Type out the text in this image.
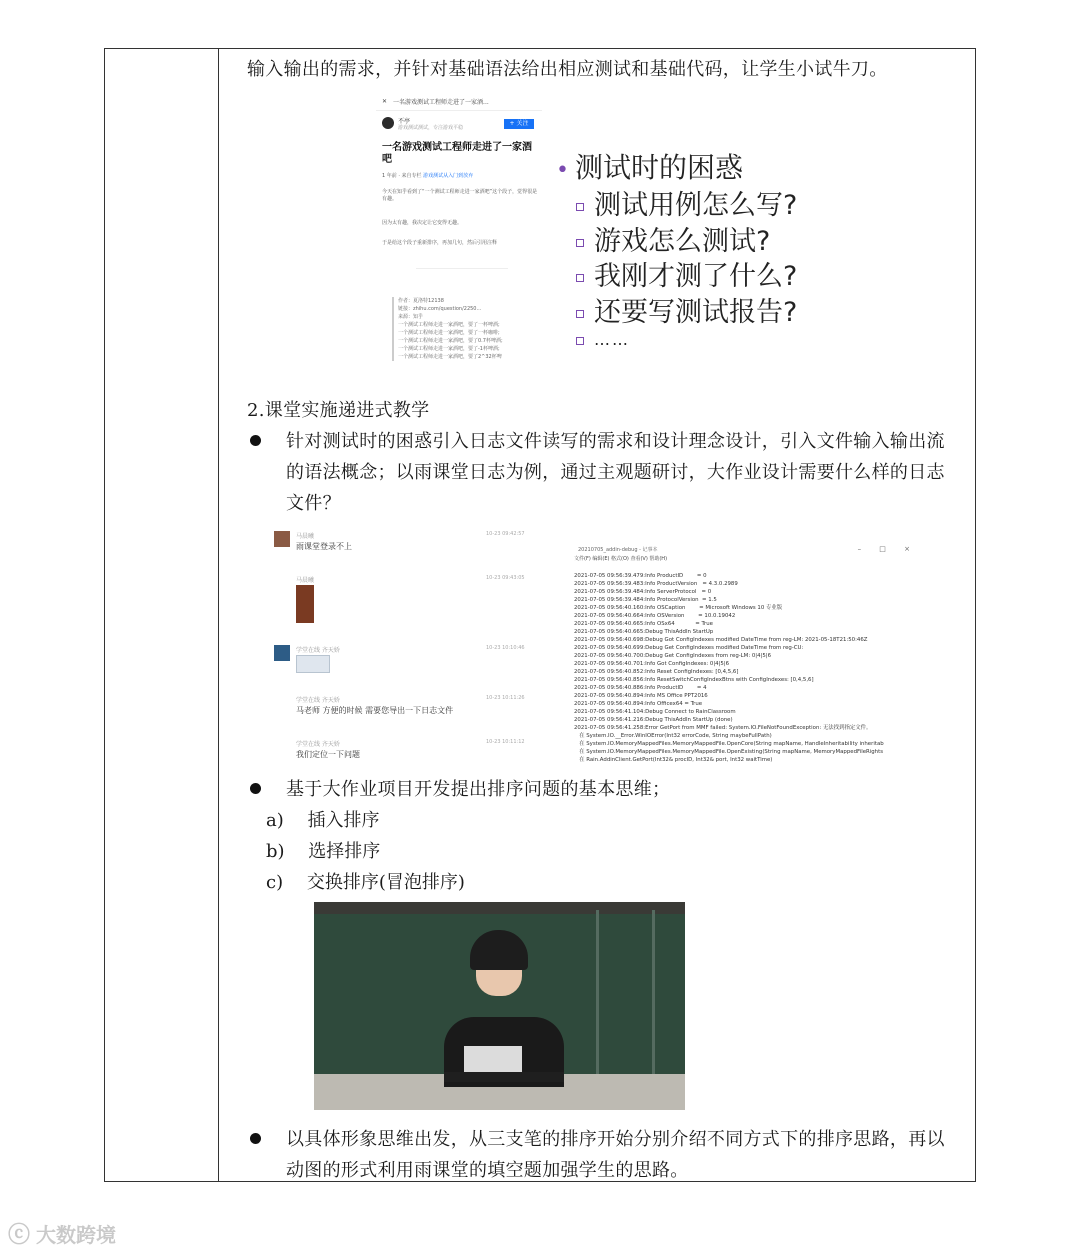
输入输出的需求，并针对基础语法给出相应测试和基础代码，让学生小试牛刀。
✕ 一名游戏测试工程师走进了一家酒...
不亭
游戏测试测试，专注游戏平稳
+ 关注
一名游戏测试工程师走进了一家酒吧
1 年前 · 来自专栏 游戏测试从入门到放弃
今天在知乎看到了“一个测试工程师走进一家酒吧”这个段子，觉得很是有趣。
因为太有趣，我决定让它变得无趣。
于是给这个段子重新排序，再加几句，然后引用注释
作者：夏洛特12138
链接：zhihu.com/question/2250...
来源：知乎
一个测试工程师走进一家酒吧，要了一杯啤酒;
一个测试工程师走进一家酒吧，要了一杯咖啡;
一个测试工程师走进一家酒吧，要了0.7杯啤酒;
一个测试工程师走进一家酒吧，要了-1杯啤酒;
一个测试工程师走进一家酒吧，要了2^32杯啤
• 测试时的困惑
测试用例怎么写?
游戏怎么测试?
我刚才测了什么?
还要写测试报告?
……
2.课堂实施递进式教学
针对测试时的困惑引入日志文件读写的需求和设计理念设计，引入文件输入输出流
的语法概念；以雨课堂日志为例，通过主观题研讨，大作业设计需要什么样的日志
文件？
马晨曦	10-23 09:42:57
雨课堂登录不上
马晨曦	10-23 09:43:05
学堂在线 齐天娇	10-23 10:10:46
学堂在线 齐天娇	10-23 10:11:26
马老师 方便的时候 需要您导出一下日志文件
学堂在线 齐天娇	10-23 10:11:12
我们定位一下问题
20210705_addin-debug - 记事本	– □ ×
文件(F) 编辑(E) 格式(O) 查看(V) 帮助(H)
2021-07-05 09:56:39.479:Info ProductID        = 0
2021-07-05 09:56:39.483:Info ProductVersion   = 4.3.0.2989
2021-07-05 09:56:39.484:Info ServerProtocol   = 0
2021-07-05 09:56:39.484:Info ProtocolVersion  = 1.5
2021-07-05 09:56:40.160:Info OSCaption        = Microsoft Windows 10 专业版
2021-07-05 09:56:40.664:Info OSVersion        = 10.0.19042
2021-07-05 09:56:40.665:Info OSx64            = True
2021-07-05 09:56:40.665:Debug ThisAddIn StartUp
2021-07-05 09:56:40.698:Debug Got ConfigIndexes modified DateTime from reg-LM: 2021-05-18T21:50:46Z
2021-07-05 09:56:40.699:Debug Get ConfigIndexes modified DateTime from reg-CU:
2021-07-05 09:56:40.700:Debug Get ConfigIndexes from reg-LM: 0|4|5|6
2021-07-05 09:56:40.701:Info Got ConfigIndexes: 0|4|5|6
2021-07-05 09:56:40.852:Info Reset ConfigIndexes: [0,4,5,6]
2021-07-05 09:56:40.856:Info ResetSwitchConfigIndexBtns with ConfigIndexes: [0,4,5,6]
2021-07-05 09:56:40.886:Info ProductID        = 4
2021-07-05 09:56:40.894:Info MS Office PPT2016
2021-07-05 09:56:40.894:Info Officex64 = True
2021-07-05 09:56:41.104:Debug Connect to RainClassroom
2021-07-05 09:56:41.216:Debug ThisAddIn StartUp (done)
2021-07-05 09:56:41.258:Error GetPort from MMF failed: System.IO.FileNotFoundException: 无法找到指定文件。
在 System.IO.__Error.WinIOError(Int32 errorCode, String maybeFullPath)
在 System.IO.MemoryMappedFiles.MemoryMappedFile.OpenCore(String mapName, HandleInheritability inheritab
在 System.IO.MemoryMappedFiles.MemoryMappedFile.OpenExisting(String mapName, MemoryMappedFileRights
在 Rain.AddinClient.GetPort(Int32& procID, Int32& port, Int32 waitTime)
基于大作业项目开发提出排序问题的基本思维；
a) 插入排序
b) 选择排序
c) 交换排序(冒泡排序)
以具体形象思维出发，从三支笔的排序开始分别介绍不同方式下的排序思路，再以
动图的形式利用雨课堂的填空题加强学生的思路。
ⓒ 大数跨境
